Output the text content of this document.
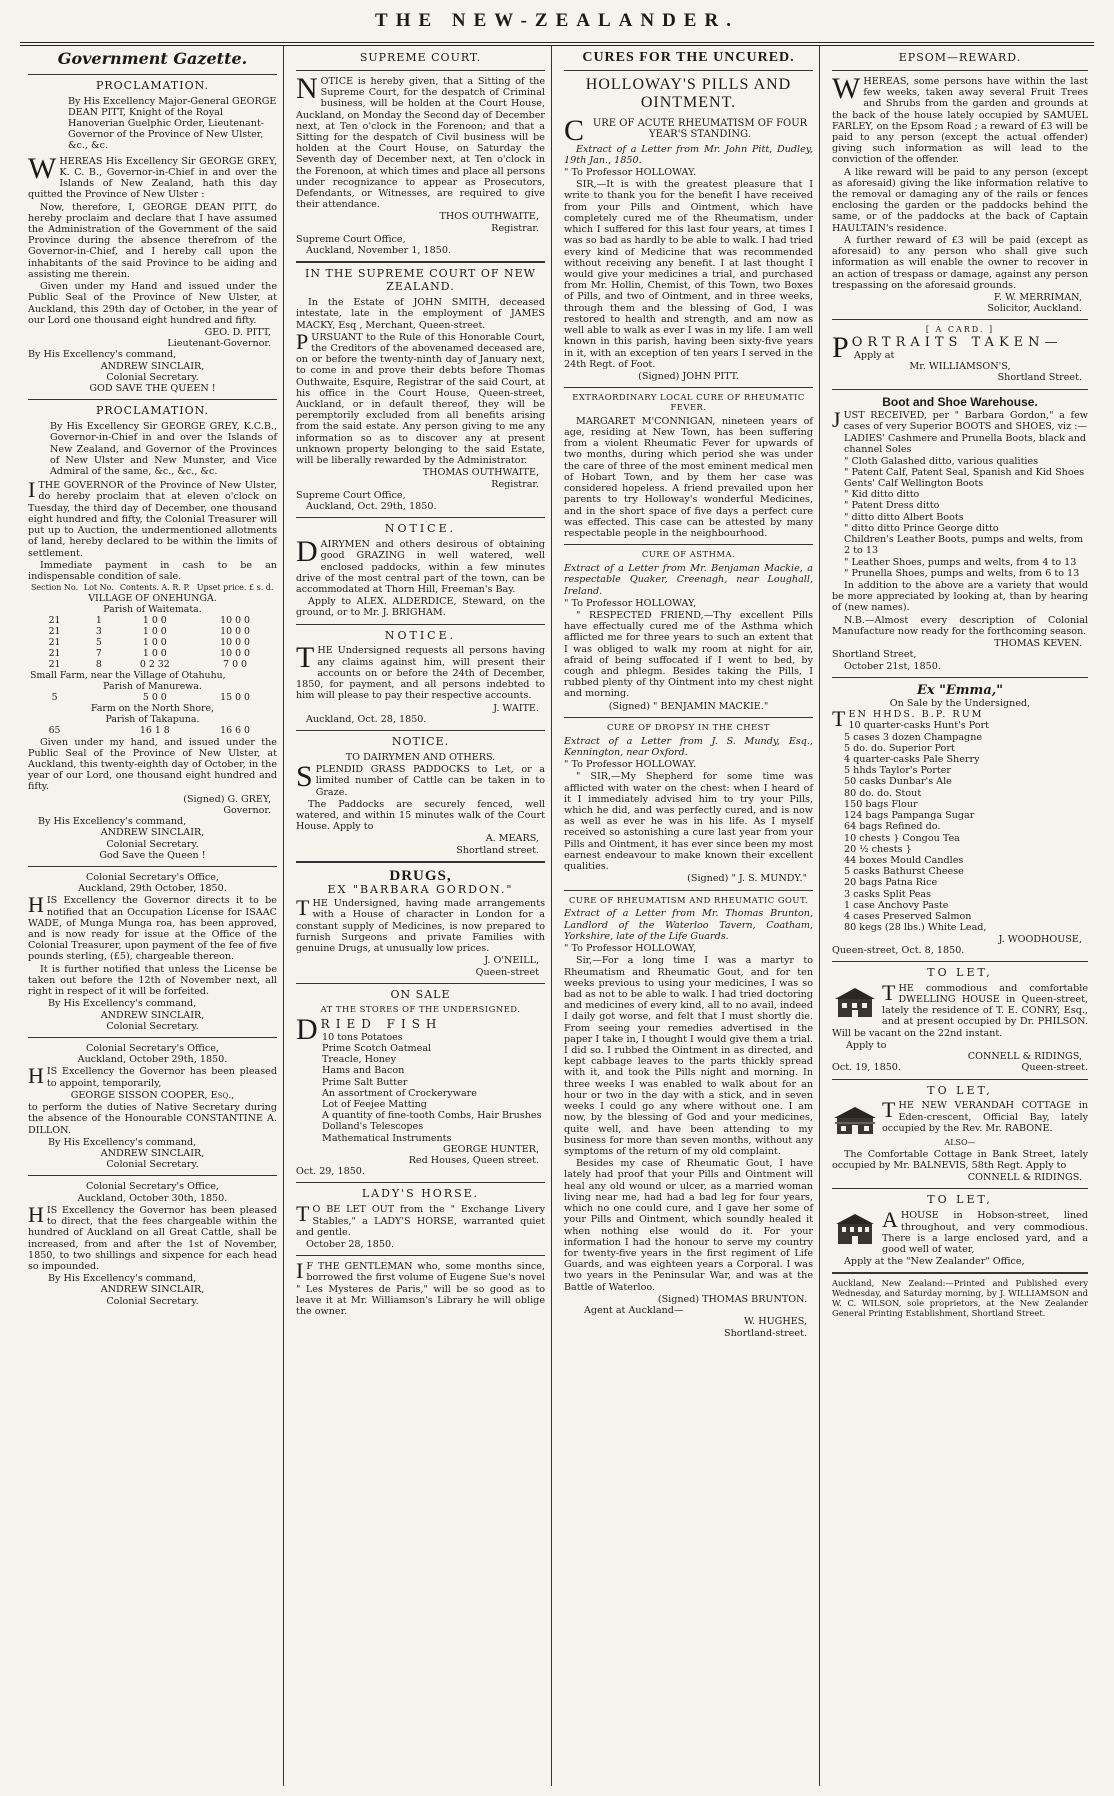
THE NEW-ZEALANDER.
Government Gazette.
PROCLAMATION.

By His Excellency Major-General GEORGE DEAN PITT, Knight of the Royal Hanoverian Guelphic Order, Lieutenant-Governor of the Province of New Ulster, &c., &c.

WHEREAS His Excellency Sir GEORGE GREY, K. C. B., Governor-in-Chief in and over the Islands of New Zealand, hath this day quitted the Province of New Ulster :

Now, therefore, I, GEORGE DEAN PITT, do hereby proclaim and declare that I have assumed the Administration of the Government of the said Province during the absence therefrom of the Governor-in-Chief, and I hereby call upon the inhabitants of the said Province to be aiding and assisting me therein.

Given under my Hand and issued under the Public Seal of the Province of New Ulster, at Auckland, this 29th day of October, in the year of our Lord one thousand eight hundred and fifty.

GEO. D. PITT,
Lieutenant-Governor.
By His Excellency's command,
ANDREW SINCLAIR,
Colonial Secretary.
GOD SAVE THE QUEEN !
PROCLAMATION.

By His Excellency Sir GEORGE GREY, K.C.B., Governor-in-Chief in and over the Islands of New Zealand, and Governor of the Provinces of New Ulster and New Munster, and Vice Admiral of the same, &c., &c., &c.

ITHE GOVERNOR of the Province of New Ulster, do hereby proclaim that at eleven o'clock on Tuesday, the third day of December, one thousand eight hundred and fifty, the Colonial Treasurer will put up to Auction, the undermentioned allotments of land, hereby declared to be within the limits of settlement.

Immediate payment in cash to be an indispensable condition of sale.

Section No.	Lot No.	Contents. A. R. P.	Upset price. £ s. d.
VILLAGE OF ONEHUNGA.			
Parish of Waitemata.			
21	1	1 0 0	10 0 0
21	3	1 0 0	10 0 0
21	5	1 0 0	10 0 0
21	7	1 0 0	10 0 0
21	8	0 2 32	7 0 0
Small Farm, near the Village of Otahuhu,			
Parish of Manurewa.			
5		5 0 0	15 0 0
Farm on the North Shore,			
Parish of Takapuna.			
65		16 1 8	16 6 0

Given under my hand, and issued under the Public Seal of the Province of New Ulster, at Auckland, this twenty-eighth day of October, in the year of our Lord, one thousand eight hundred and fifty.

(Signed) G. GREY,
Governor.
By His Excellency's command,
ANDREW SINCLAIR,
Colonial Secretary.
God Save the Queen !
Colonial Secretary's Office,
Auckland, 29th October, 1850.

HIS Excellency the Governor directs it to be notified that an Occupation License for ISAAC WADE, of Munga Munga roa, has been approved, and is now ready for issue at the Office of the Colonial Treasurer, upon payment of the fee of five pounds sterling, (£5), chargeable thereon.

It is further notified that unless the License be taken out before the 12th of November next, all right in respect of it will be forfeited.

By His Excellency's command,
ANDREW SINCLAIR,
Colonial Secretary.
Colonial Secretary's Office,
Auckland, October 29th, 1850.

HIS Excellency the Governor has been pleased to appoint, temporarily,

GEORGE SISSON COOPER, Esq.,

to perform the duties of Native Secretary during the absence of the Honourable CONSTANTINE A. DILLON.

By His Excellency's command,
ANDREW SINCLAIR,
Colonial Secretary.
Colonial Secretary's Office,
Auckland, October 30th, 1850.

HIS Excellency the Governor has been pleased to direct, that the fees chargeable within the hundred of Auckland on all Great Cattle, shall be increased, from and after the 1st of November, 1850, to two shillings and sixpence for each head so impounded.

By His Excellency's command,
ANDREW SINCLAIR,
Colonial Secretary.
SUPREME COURT.

NOTICE is hereby given, that a Sitting of the Supreme Court, for the despatch of Criminal business, will be holden at the Court House, Auckland, on Monday the Second day of December next, at Ten o'clock in the Forenoon; and that a Sitting for the despatch of Civil business will be holden at the Court House, on Saturday the Seventh day of December next, at Ten o'clock in the Forenoon, at which times and place all persons under recognizance to appear as Prosecutors, Defendants, or Witnesses, are required to give their attendance.

THOS OUTHWAITE,
Registrar.
Supreme Court Office,
Auckland, November 1, 1850.
IN THE SUPREME COURT OF NEW ZEALAND.

In the Estate of JOHN SMITH, deceased intestate, late in the employment of JAMES MACKY, Esq , Merchant, Queen-street.

PURSUANT to the Rule of this Honorable Court, the Creditors of the abovenamed deceased are, on or before the twenty-ninth day of January next, to come in and prove their debts before Thomas Outhwaite, Esquire, Registrar of the said Court, at his office in the Court House, Queen-street, Auckland, or in default thereof, they will be peremptorily excluded from all benefits arising from the said estate. Any person giving to me any information so as to discover any at present unknown property belonging to the said Estate, will be liberally rewarded by the Administrator.

THOMAS OUTHWAITE,
Registrar.
Supreme Court Office,
Auckland, Oct. 29th, 1850.
NOTICE.

DAIRYMEN and others desirous of obtaining good GRAZING in well watered, well enclosed paddocks, within a few minutes drive of the most central part of the town, can be accommodated at Thorn Hill, Freeman's Bay.

Apply to ALEX. ALDERDICE, Steward, on the ground, or to Mr. J. BRIGHAM.

NOTICE.

THE Undersigned requests all persons having any claims against him, will present their accounts on or before the 24th of December, 1850, for payment, and all persons indebted to him will please to pay their respective accounts.

J. WAITE.
Auckland, Oct. 28, 1850.
NOTICE.
TO DAIRYMEN AND OTHERS.

SPLENDID GRASS PADDOCKS to Let, or a limited number of Cattle can be taken in to Graze.

The Paddocks are securely fenced, well watered, and within 15 minutes walk of the Court House. Apply to

A. MEARS,
Shortland street.
DRUGS,
EX "BARBARA GORDON."

THE Undersigned, having made arrangements with a House of character in London for a constant supply of Medicines, is now prepared to furnish Surgeons and private Families with genuine Drugs, at unusually low prices.

J. O'NEILL,
Queen-street
ON SALE
AT THE STORES OF THE UNDERSIGNED.
DRIED FISH
10 tons Potatoes
Prime Scotch Oatmeal
Treacle, Honey
Hams and Bacon
Prime Salt Butter
An assortment of Crockeryware
Lot of Feejee Matting
A quantity of fine-tooth Combs, Hair Brushes
Dolland's Telescopes
Mathematical Instruments
GEORGE HUNTER,
Red Houses, Queen street.
Oct. 29, 1850.
LADY'S HORSE.

T O BE LET OUT from the " Exchange Livery Stables," a LADY'S HORSE, warranted quiet and gentle.

October 28, 1850.

I F THE GENTLEMAN who, some months since, borrowed the first volume of Eugene Sue's novel " Les Mysteres de Paris," will be so good as to leave it at Mr. Williamson's Library he will oblige the owner.

CURES FOR THE UNCURED.
HOLLOWAY'S PILLS AND OINTMENT.
C URE OF ACUTE RHEUMATISM OF FOUR YEAR'S STANDING.

Extract of a Letter from Mr. John Pitt, Dudley, 19th Jan., 1850.

" To Professor HOLLOWAY.

SIR,—It is with the greatest pleasure that I write to thank you for the benefit I have received from your Pills and Ointment, which have completely cured me of the Rheumatism, under which I suffered for this last four years, at times I was so bad as hardly to be able to walk. I had tried every kind of Medicine that was recommended without receiving any benefit. I at last thought I would give your medicines a trial, and purchased from Mr. Hollin, Chemist, of this Town, two Boxes of Pills, and two of Ointment, and in three weeks, through them and the blessing of God, I was restored to health and strength, and am now as well able to walk as ever I was in my life. I am well known in this parish, having been sixty-five years in it, with an exception of ten years I served in the 24th Regt. of Foot.

(Signed) JOHN PITT.
EXTRAORDINARY LOCAL CURE OF RHEUMATIC FEVER.

MARGARET M'CONNIGAN, nineteen years of age, residing at New Town, has been suffering from a violent Rheumatic Fever for upwards of two months, during which period she was under the care of three of the most eminent medical men of Hobart Town, and by them her case was considered hopeless. A friend prevailed upon her parents to try Holloway's wonderful Medicines, and in the short space of five days a perfect cure was effected. This case can be attested by many respectable people in the neighbourhood.

CURE OF ASTHMA.

Extract of a Letter from Mr. Benjaman Mackie, a respectable Quaker, Creenagh, near Loughall, Ireland.

" To Professor HOLLOWAY,

" RESPECTED FRIEND,—Thy excellent Pills have effectually cured me of the Asthma which afflicted me for three years to such an extent that I was obliged to walk my room at night for air, afraid of being suffocated if I went to bed, by cough and phlegm. Besides taking the Pills, I rubbed plenty of thy Ointment into my chest night and morning.

(Signed) " BENJAMIN MACKIE."
CURE OF DROPSY IN THE CHEST

Extract of a Letter from J. S. Mundy, Esq., Kennington, near Oxford.

" To Professor HOLLOWAY.

" SIR,—My Shepherd for some time was afflicted with water on the chest: when I heard of it I immediately advised him to try your Pills, which he did, and was perfectly cured, and is now as well as ever he was in his life. As I myself received so astonishing a cure last year from your Pills and Ointment, it has ever since been my most earnest endeavour to make known their excellent qualities.

(Signed) " J. S. MUNDY."
CURE OF RHEUMATISM AND RHEUMATIC GOUT.

Extract of a Letter from Mr. Thomas Brunton, Landlord of the Waterloo Tavern, Coatham, Yorkshire, late of the Life Guards.

" To Professor HOLLOWAY,

Sir,—For a long time I was a martyr to Rheumatism and Rheumatic Gout, and for ten weeks previous to using your medicines, I was so bad as not to be able to walk. I had tried doctoring and medicines of every kind, all to no avail, indeed I daily got worse, and felt that I must shortly die. From seeing your remedies advertised in the paper I take in, I thought I would give them a trial. I did so. I rubbed the Ointment in as directed, and kept cabbage leaves to the parts thickly spread with it, and took the Pills night and morning. In three weeks I was enabled to walk about for an hour or two in the day with a stick, and in seven weeks I could go any where without one. I am now, by the blessing of God and your medicines, quite well, and have been attending to my business for more than seven months, without any symptoms of the return of my old complaint.

Besides my case of Rheumatic Gout, I have lately had proof that your Pills and Ointment will heal any old wound or ulcer, as a married woman living near me, had had a bad leg for four years, which no one could cure, and I gave her some of your Pills and Ointment, which soundly healed it when nothing else would do it. For your information I had the honour to serve my country for twenty-five years in the first regiment of Life Guards, and was eighteen years a Corporal. I was two years in the Peninsular War, and was at the Battle of Waterloo.

(Signed) THOMAS BRUNTON.
Agent at Auckland—
W. HUGHES,
Shortland-street.
EPSOM—REWARD.

WHEREAS, some persons have within the last few weeks, taken away several Fruit Trees and Shrubs from the garden and grounds at the back of the house lately occupied by SAMUEL FARLEY, on the Epsom Road ; a reward of £3 will be paid to any person (except the actual offender) giving such information as will lead to the conviction of the offender.

A like reward will be paid to any person (except as aforesaid) giving the like information relative to the removal or damaging any of the rails or fences enclosing the garden or the paddocks behind the same, or of the paddocks at the back of Captain HAULTAIN's residence.

A further reward of £3 will be paid (except as aforesaid) to any person who shall give such information as will enable the owner to recover in an action of trespass or damage, against any person trespassing on the aforesaid grounds.

F. W. MERRIMAN,
Solicitor, Auckland.
[ A CARD. ]
PORTRAITS TAKEN—
Apply at
Mr. WILLIAMSON'S,
Shortland Street.
Boot and Shoe Warehouse.

JUST RECEIVED, per " Barbara Gordon," a few cases of very Superior BOOTS and SHOES, viz :—

LADIES' Cashmere and Prunella Boots, black and channel Soles
" Cloth Galashed ditto, various qualities
" Patent Calf, Patent Seal, Spanish and Kid Shoes
Gents' Calf Wellington Boots
" Kid ditto ditto
" Patent Dress ditto
" ditto ditto Albert Boots
" ditto ditto Prince George ditto
Children's Leather Boots, pumps and welts, from 2 to 13
" Leather Shoes, pumps and welts, from 4 to 13
" Prunella Shoes, pumps and welts, from 6 to 13

In addition to the above are a variety that would be more appreciated by looking at, than by hearing of (new names).

N.B.—Almost every description of Colonial Manufacture now ready for the forthcoming season.

THOMAS KEVEN.
Shortland Street,
October 21st, 1850.
Ex "Emma,"
On Sale by the Undersigned,
TEN HHDS. B.P. RUM
10 quarter-casks Hunt's Port
5 cases 3 dozen Champagne
5 do. do. Superior Port
4 quarter-casks Pale Sherry
5 hhds Taylor's Porter
50 casks Dunbar's Ale
80 do. do. Stout
150 bags Flour
124 bags Pampanga Sugar
64 bags Refined do.
10 chests } Congou Tea
20 ½ chests }
44 boxes Mould Candles
5 casks Bathurst Cheese
20 bags Patna Rice
3 casks Split Peas
1 case Anchovy Paste
4 cases Preserved Salmon
80 kegs (28 lbs.) White Lead,
J. WOODHOUSE,
Queen-street, Oct. 8, 1850.
TO LET,

THE commodious and comfortable DWELLING HOUSE in Queen-street, lately the residence of T. E. CONRY, Esq., and at present occupied by Dr. PHILSON. Will be vacant on the 22nd instant.

Apply to
CONNELL & RIDINGS,
Oct. 19, 1850.	Queen-street.
TO LET,

THE NEW VERANDAH COTTAGE in Eden-crescent, Official Bay, lately occupied by the Rev. Mr. RABONE.

ALSO—

The Comfortable Cottage in Bank Street, lately occupied by Mr. BALNEVIS, 58th Regt. Apply to

CONNELL & RIDINGS.
TO LET,

AHOUSE in Hobson-street, lined throughout, and very commodious. There is a large enclosed yard, and a good well of water,

Apply at the "New Zealander" Office,

Auckland, New Zealand:—Printed and Published every Wednesday, and Saturday morning, by J. WILLIAMSON and W. C. WILSON, sole proprietors, at the New Zealander General Printing Establishment, Shortland Street.
